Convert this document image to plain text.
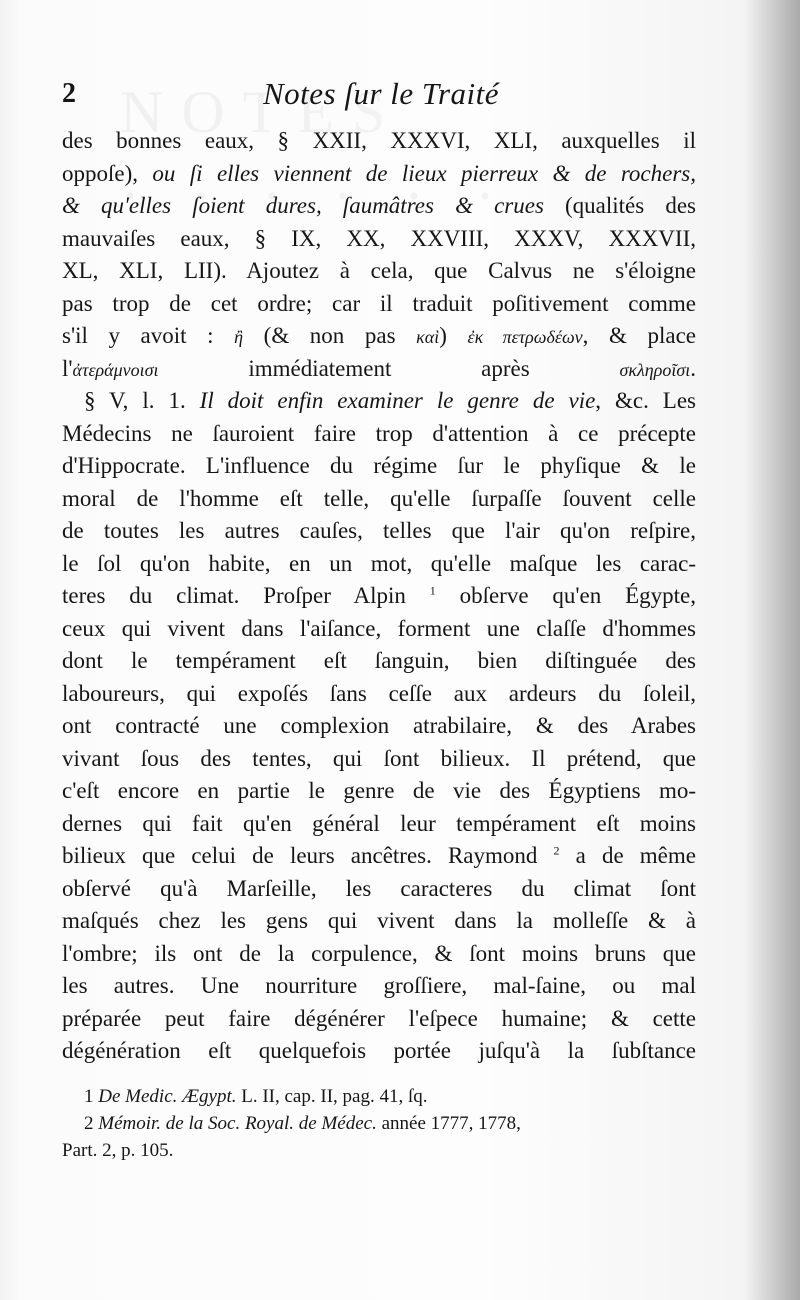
2	Notes ſur le Traité
des bonnes eaux, § XXII, XXXVI, XLI, auxquelles il
oppoſe), ou ſi elles viennent de lieux pierreux & de rochers,
& qu'elles ſoient dures, ſaumâtres & crues (qualités des
mauvaiſes eaux, § IX, XX, XXVIII, XXXV, XXXVII,
XL, XLI, LII). Ajoutez à cela, que Calvus ne s'éloigne
pas trop de cet ordre; car il traduit poſitivement comme
s'il y avoit : ἢ (& non pas καὶ) ἐκ πετρωδέων, & place
l'ἀτεράμνοισι immédiatement après σκληροῖσι.
§ V, l. 1. Il doit enfin examiner le genre de vie, &c. Les
Médecins ne ſauroient faire trop d'attention à ce précepte
d'Hippocrate. L'influence du régime ſur le phyſique & le
moral de l'homme eſt telle, qu'elle ſurpaſſe ſouvent celle
de toutes les autres cauſes, telles que l'air qu'on reſpire,
le ſol qu'on habite, en un mot, qu'elle maſque les carac-
teres du climat. Proſper Alpin $^1$ obſerve qu'en Égypte,
ceux qui vivent dans l'aiſance, forment une claſſe d'hommes
dont le tempérament eſt ſanguin, bien diſtinguée des
laboureurs, qui expoſés ſans ceſſe aux ardeurs du ſoleil,
ont contracté une complexion atrabilaire, & des Arabes
vivant ſous des tentes, qui ſont bilieux. Il prétend, que
c'eſt encore en partie le genre de vie des Égyptiens mo-
dernes qui fait qu'en général leur tempérament eſt moins
bilieux que celui de leurs ancêtres. Raymond $^2$ a de même
obſervé qu'à Marſeille, les caracteres du climat ſont
maſqués chez les gens qui vivent dans la molleſſe & à
l'ombre; ils ont de la corpulence, & ſont moins bruns que
les autres. Une nourriture groſſiere, mal-ſaine, ou mal
préparée peut faire dégénérer l'eſpece humaine; & cette
dégénération eſt quelquefois portée juſqu'à la ſubſtance
1 De Medic. Ægypt. L. II, cap. II, pag. 41, ſq.
2 Mémoir. de la Soc. Royal. de Médec. année 1777, 1778,
Part. 2, p. 105.
